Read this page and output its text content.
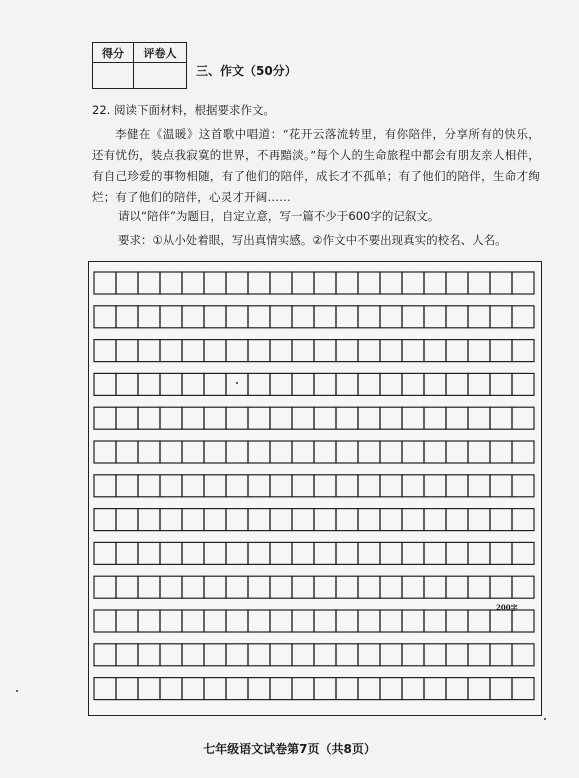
得分	评卷人

三、作文（50分）
22. 阅读下面材料，根据要求作文。
李健在《温暖》这首歌中唱道：“花开云落流转里，有你陪伴，分享所有的快乐，还有忧伤，装点我寂寞的世界，不再黯淡。”每个人的生命旅程中都会有朋友亲人相伴，有自己珍爱的事物相随，有了他们的陪伴，成长才不孤单；有了他们的陪伴，生命才绚烂；有了他们的陪伴，心灵才开阔……
请以“陪伴”为题目，自定立意，写一篇不少于600字的记叙文。
要求：①从小处着眼，写出真情实感。②作文中不要出现真实的校名、人名。
200字
七年级语文试卷第7页（共8页）
